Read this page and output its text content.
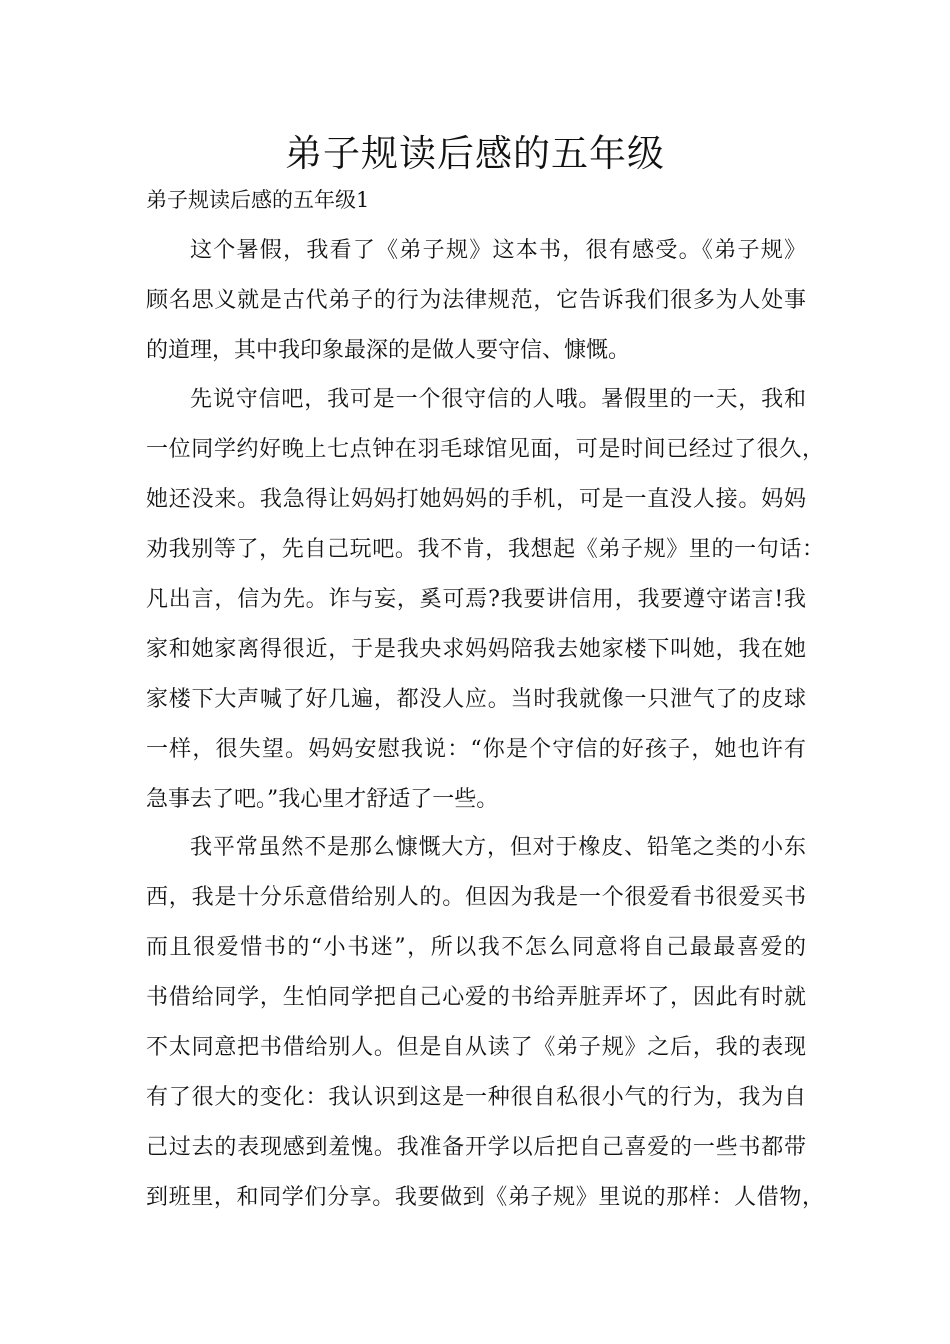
弟子规读后感的五年级

弟子规读后感的五年级1

这个暑假，我看了《弟子规》这本书，很有感受。《弟子规》
顾名思义就是古代弟子的行为法律规范，它告诉我们很多为人处事
的道理，其中我印象最深的是做人要守信、慷慨。
先说守信吧，我可是一个很守信的人哦。暑假里的一天，我和
一位同学约好晚上七点钟在羽毛球馆见面，可是时间已经过了很久，
她还没来。我急得让妈妈打她妈妈的手机，可是一直没人接。妈妈
劝我别等了，先自己玩吧。我不肯，我想起《弟子规》里的一句话：
凡出言，信为先。诈与妄，奚可焉?我要讲信用，我要遵守诺言!我
家和她家离得很近，于是我央求妈妈陪我去她家楼下叫她，我在她
家楼下大声喊了好几遍，都没人应。当时我就像一只泄气了的皮球
一样，很失望。妈妈安慰我说：“你是个守信的好孩子，她也许有
急事去了吧。”我心里才舒适了一些。
我平常虽然不是那么慷慨大方，但对于橡皮、铅笔之类的小东
西，我是十分乐意借给别人的。但因为我是一个很爱看书很爱买书
而且很爱惜书的“小书迷”，所以我不怎么同意将自己最最喜爱的
书借给同学，生怕同学把自己心爱的书给弄脏弄坏了，因此有时就
不太同意把书借给别人。但是自从读了《弟子规》之后，我的表现
有了很大的变化：我认识到这是一种很自私很小气的行为，我为自
己过去的表现感到羞愧。我准备开学以后把自己喜爱的一些书都带
到班里，和同学们分享。我要做到《弟子规》里说的那样：人借物，
